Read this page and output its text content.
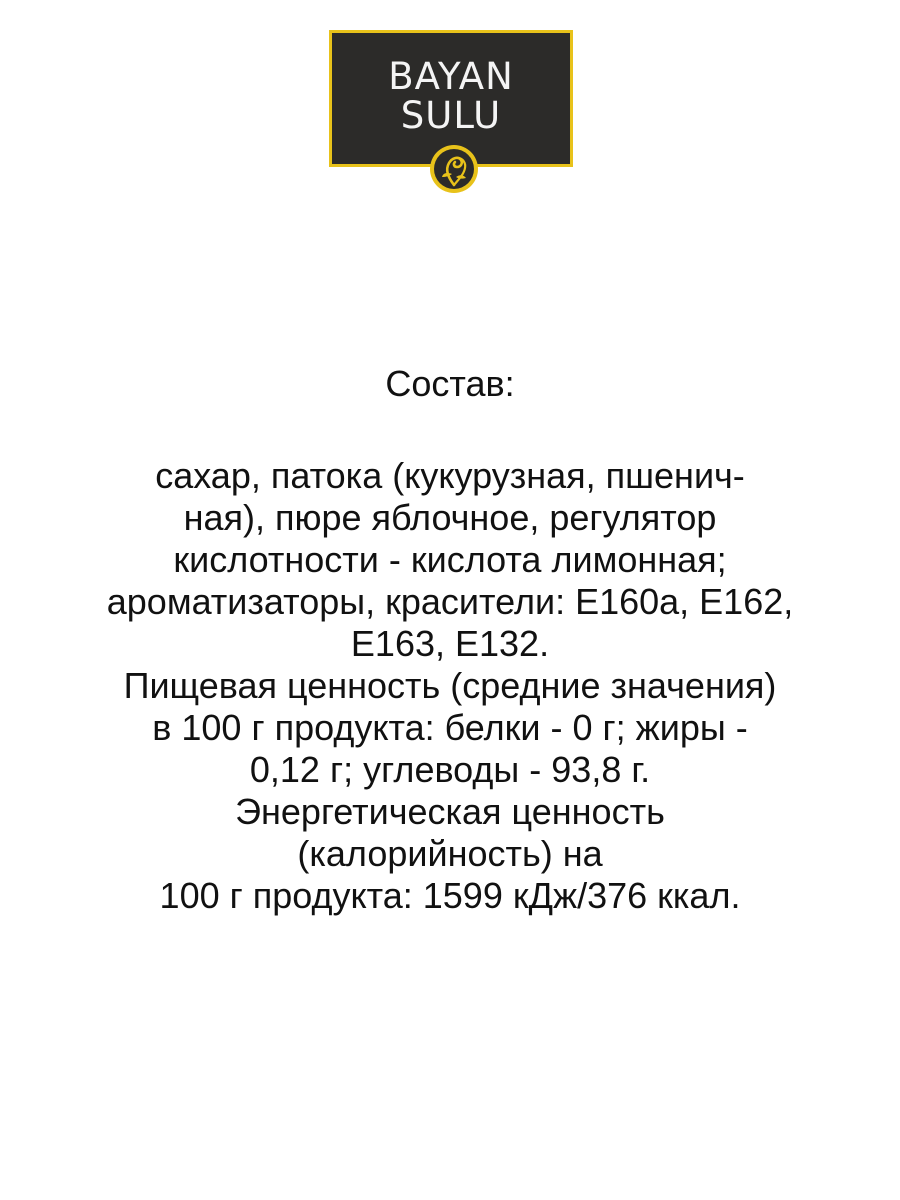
BAYAN
SULU
Состав:
сахар, патока (кукурузная, пшенич-
ная), пюре яблочное, регулятор
кислотности - кислота лимонная;
ароматизаторы, красители: Е160а, Е162,
Е163, Е132.
Пищевая ценность (средние значения)
в 100 г продукта: белки - 0 г; жиры -
0,12 г; углеводы - 93,8 г.
Энергетическая ценность
(калорийность) на
100 г продукта: 1599 кДж/376 ккал.
